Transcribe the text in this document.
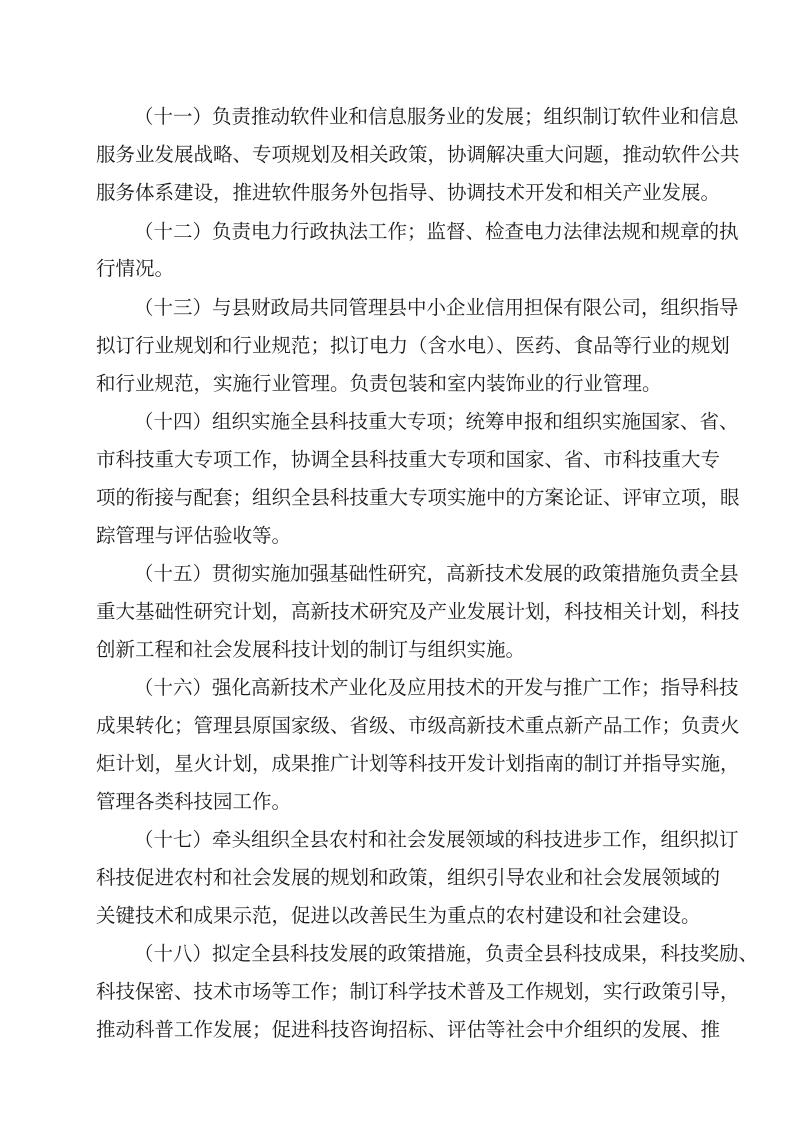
（十一）负责推动软件业和信息服务业的发展；组织制订软件业和信息
服务业发展战略、专项规划及相关政策，协调解决重大问题，推动软件公共
服务体系建设，推进软件服务外包指导、协调技术开发和相关产业发展。
（十二）负责电力行政执法工作；监督、检查电力法律法规和规章的执
行情况。
（十三）与县财政局共同管理县中小企业信用担保有限公司，组织指导
拟订行业规划和行业规范；拟订电力（含水电）、医药、食品等行业的规划
和行业规范，实施行业管理。负责包装和室内装饰业的行业管理。
（十四）组织实施全县科技重大专项；统筹申报和组织实施国家、省、
市科技重大专项工作，协调全县科技重大专项和国家、省、市科技重大专
项的衔接与配套；组织全县科技重大专项实施中的方案论证、评审立项，眼
踪管理与评估验收等。
（十五）贯彻实施加强基础性研究，高新技术发展的政策措施负责全县
重大基础性研究计划，高新技术研究及产业发展计划，科技相关计划，科技
创新工程和社会发展科技计划的制订与组织实施。
（十六）强化高新技术产业化及应用技术的开发与推广工作；指导科技
成果转化；管理县原国家级、省级、市级高新技术重点新产品工作；负责火
炬计划，星火计划，成果推广计划等科技开发计划指南的制订并指导实施，
管理各类科技园工作。
（十七）牵头组织全县农村和社会发展领域的科技进步工作，组织拟订
科技促进农村和社会发展的规划和政策，组织引导农业和社会发展领域的
关键技术和成果示范，促进以改善民生为重点的农村建设和社会建设。
（十八）拟定全县科技发展的政策措施，负责全县科技成果，科技奖励、
科技保密、技术市场等工作；制订科学技术普及工作规划，实行政策引导，
推动科普工作发展；促进科技咨询招标、评估等社会中介组织的发展、推
